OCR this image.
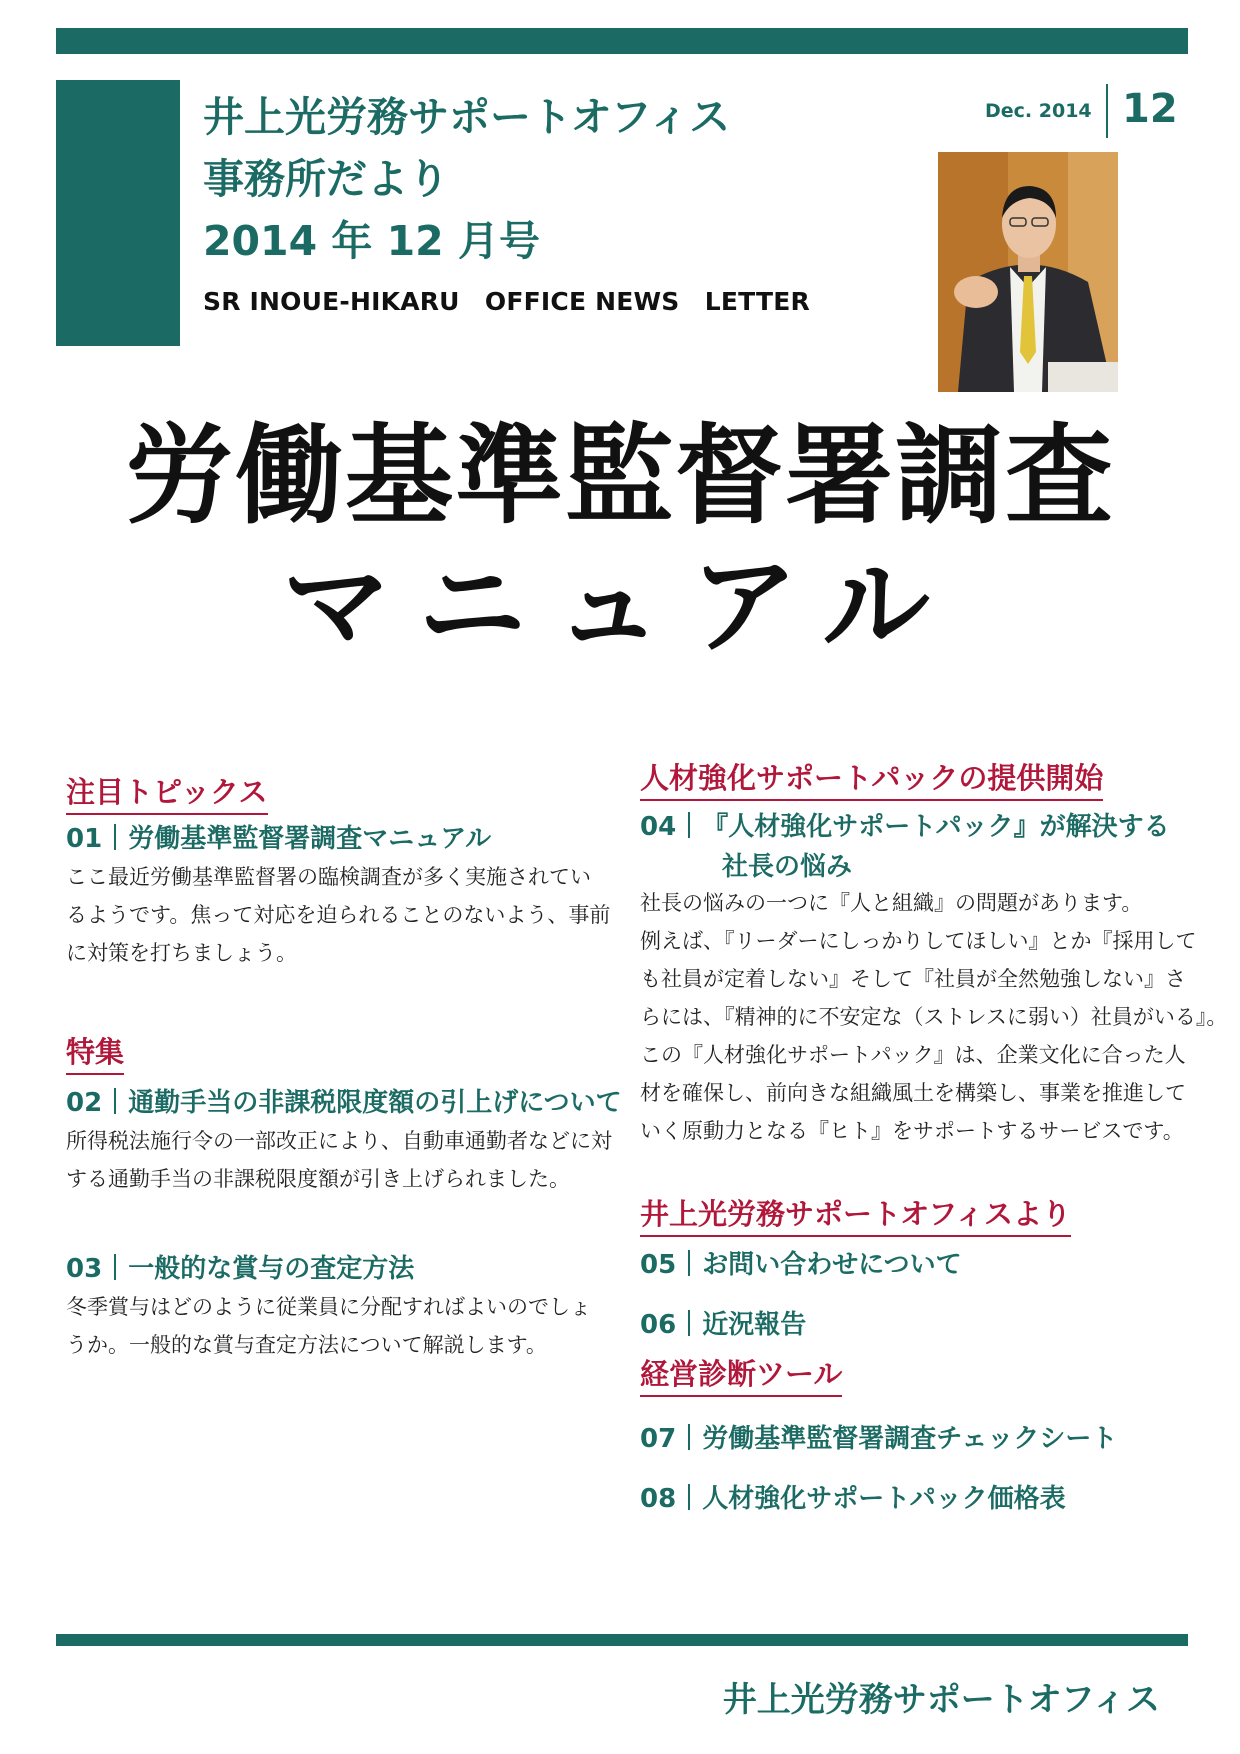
井上光労務サポートオフィス
事務所だより
2014 年 12 月号
SR INOUE-HIKARU　OFFICE NEWS　LETTER
Dec. 2014 12
労働基準監督署調査
マニュアル
注目トピックス
01 労働基準監督署調査マニュアル
ここ最近労働基準監督署の臨検調査が多く実施されてい
るようです。焦って対応を迫られることのないよう、事前
に対策を打ちましょう。
特集
02 通勤手当の非課税限度額の引上げについて
所得税法施行令の一部改正により、自動車通勤者などに対
する通勤手当の非課税限度額が引き上げられました。
03 一般的な賞与の査定方法
冬季賞与はどのように従業員に分配すればよいのでしょ
うか。一般的な賞与査定方法について解説します。
人材強化サポートパックの提供開始
04 『人材強化サポートパック』が解決する
社長の悩み
社長の悩みの一つに『人と組織』の問題があります。
例えば、『リーダーにしっかりしてほしい』とか『採用して
も社員が定着しない』そして『社員が全然勉強しない』さ
らには、『精神的に不安定な（ストレスに弱い）社員がいる』。
この『人材強化サポートパック』は、企業文化に合った人
材を確保し、前向きな組織風土を構築し、事業を推進して
いく原動力となる『ヒト』をサポートするサービスです。
井上光労務サポートオフィスより
05 お問い合わせについて
06 近況報告
経営診断ツール
07 労働基準監督署調査チェックシート
08 人材強化サポートパック価格表
井上光労務サポートオフィス
